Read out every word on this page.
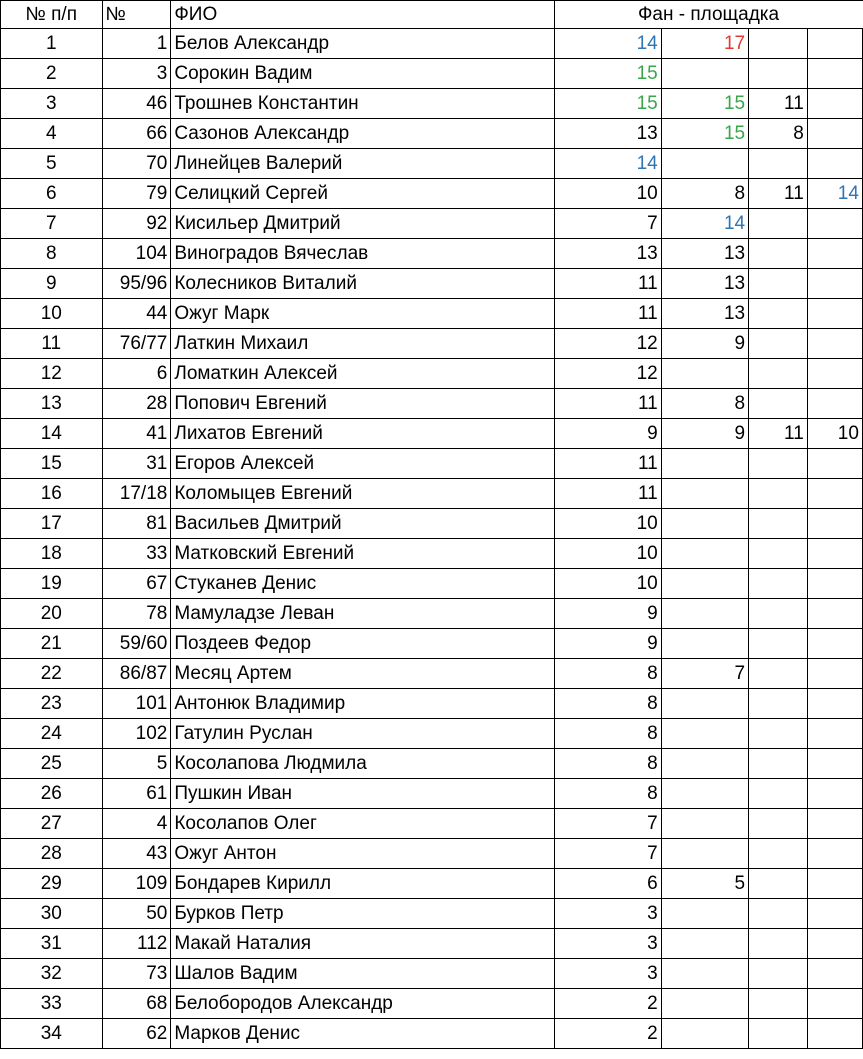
№ п/п	№	ФИО	Фан - площадка			
1	1	Белов Александр	14	17		
2	3	Сорокин Вадим	15			
3	46	Трошнев Константин	15	15	11	
4	66	Сазонов Александр	13	15	8	
5	70	Линейцев Валерий	14			
6	79	Селицкий Сергей	10	8	11	14
7	92	Кисильер Дмитрий	7	14		
8	104	Виноградов Вячеслав	13	13		
9	95/96	Колесников Виталий	11	13		
10	44	Ожуг Марк	11	13		
11	76/77	Латкин Михаил	12	9		
12	6	Ломаткин Алексей	12			
13	28	Попович Евгений	11	8		
14	41	Лихатов Евгений	9	9	11	10
15	31	Егоров Алексей	11			
16	17/18	Коломыцев Евгений	11			
17	81	Васильев Дмитрий	10			
18	33	Матковский Евгений	10			
19	67	Стуканев Денис	10			
20	78	Мамуладзе Леван	9			
21	59/60	Поздеев Федор	9			
22	86/87	Месяц Артем	8	7		
23	101	Антонюк Владимир	8			
24	102	Гатулин Руслан	8			
25	5	Косолапова Людмила	8			
26	61	Пушкин Иван	8			
27	4	Косолапов Олег	7			
28	43	Ожуг Антон	7			
29	109	Бондарев Кирилл	6	5		
30	50	Бурков Петр	3			
31	112	Макай Наталия	3			
32	73	Шалов Вадим	3			
33	68	Белобородов Александр	2			
34	62	Марков Денис	2			
